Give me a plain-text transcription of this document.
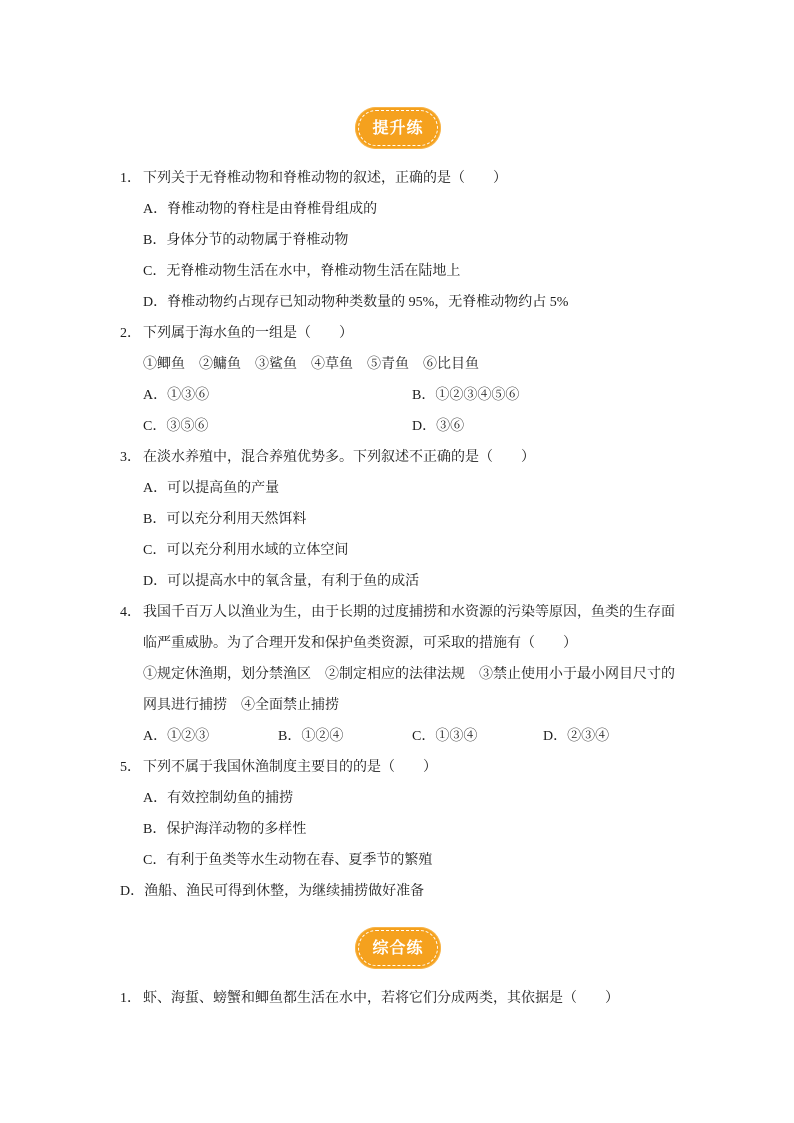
提升练
1． 下列关于无脊椎动物和脊椎动物的叙述，正确的是（　　）
A．脊椎动物的脊柱是由脊椎骨组成的
B．身体分节的动物属于脊椎动物
C．无脊椎动物生活在水中，脊椎动物生活在陆地上
D．脊椎动物约占现存已知动物种类数量的 95%，无脊椎动物约占 5%
2． 下列属于海水鱼的一组是（　　）
①鲫鱼　②鳙鱼　③鲨鱼　④草鱼　⑤青鱼　⑥比目鱼
A．①③⑥	B．①②③④⑤⑥
C．③⑤⑥	D．③⑥
3． 在淡水养殖中，混合养殖优势多。下列叙述不正确的是（　　）
A．可以提高鱼的产量
B．可以充分利用天然饵料
C．可以充分利用水域的立体空间
D．可以提高水中的氧含量，有利于鱼的成活
4． 我国千百万人以渔业为生，由于长期的过度捕捞和水资源的污染等原因，鱼类的生存面
临严重威胁。为了合理开发和保护鱼类资源，可采取的措施有（　　）
①规定休渔期，划分禁渔区　②制定相应的法律法规　③禁止使用小于最小网目尺寸的
网具进行捕捞　④全面禁止捕捞
A．①②③	B．①②④	C．①③④	D．②③④
5． 下列不属于我国休渔制度主要目的的是（　　）
A．有效控制幼鱼的捕捞
B．保护海洋动物的多样性
C．有利于鱼类等水生动物在春、夏季节的繁殖
D．渔船、渔民可得到休整，为继续捕捞做好准备
综合练
1． 虾、海蜇、螃蟹和鲫鱼都生活在水中，若将它们分成两类，其依据是（　　）
